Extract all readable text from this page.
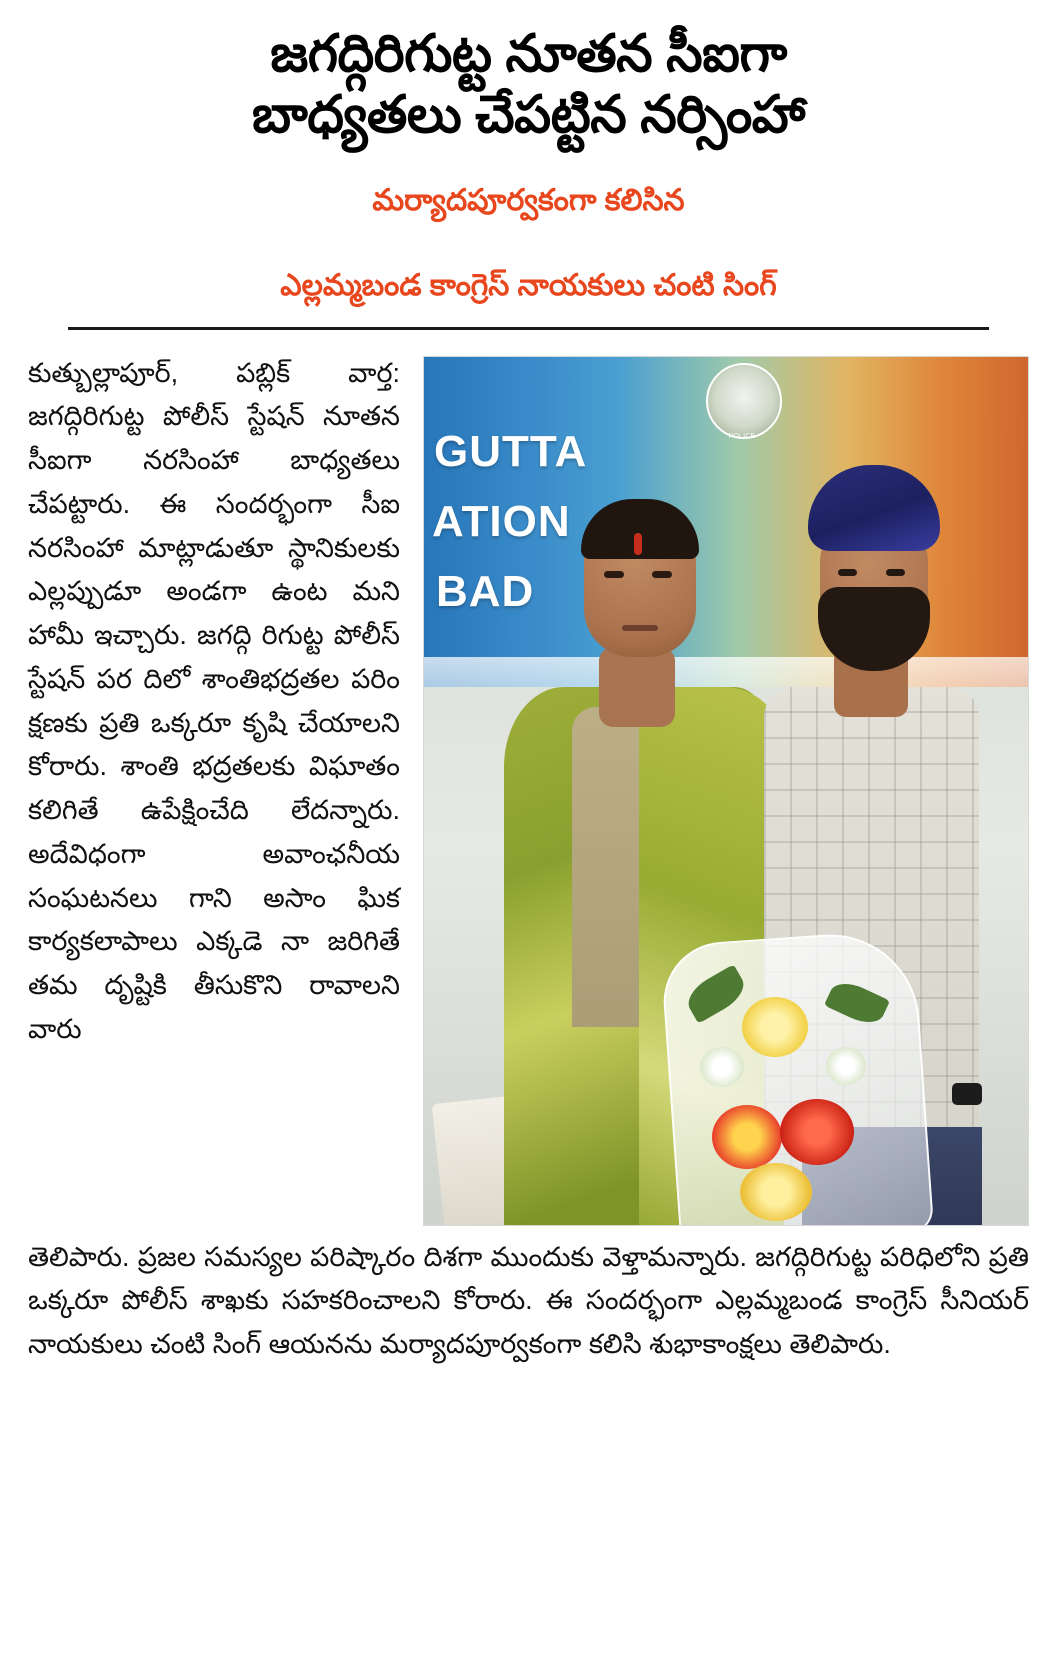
జగద్గిరిగుట్ట నూతన సీఐగా
బాధ్యతలు చేపట్టిన నర్సింహా
మర్యాదపూర్వకంగా కలిసిన
ఎల్లమ్మబండ కాంగ్రెస్ నాయకులు చంటి సింగ్
POLICE
GUTTA
ATION
BAD
కుత్బుల్లాపూర్, పబ్లిక్ వార్త: జగద్గిరిగుట్ట పోలీస్ స్టేషన్ నూతన సీఐగా నరసింహా బాధ్యతలు చేపట్టారు. ఈ సందర్భంగా సీఐ నరసింహా మాట్లాడుతూ స్థానికులకు ఎల్లప్పుడూ అండగా ఉంట మని హామీ ఇచ్చారు. జగద్గి రిగుట్ట పోలీస్ స్టేషన్ పర దిలో శాంతిభద్రతల పరిం క్షణకు ప్రతి ఒక్కరూ కృషి చేయాలని కోరారు. శాంతి భద్రతలకు విఘాతం కలిగితే ఉపేక్షించేది లేదన్నారు. అదేవిధంగా అవాంఛనీయ సంఘటనలు గాని అసాం ఘిక కార్యకలాపాలు ఎక్కడె నా జరిగితే తమ దృష్టికి తీసుకొని రావాలని వారు
తెలిపారు. ప్రజల సమస్యల పరిష్కారం దిశగా ముందుకు వెళ్తామన్నారు. జగద్గిరిగుట్ట పరిధిలోని ప్రతి ఒక్కరూ పోలీస్ శాఖకు సహకరించాలని కోరారు. ఈ సందర్భంగా ఎల్లమ్మబండ కాంగ్రెస్ సీనియర్ నాయకులు చంటి సింగ్ ఆయనను మర్యాదపూర్వకంగా కలిసి శుభాకాంక్షలు తెలిపారు.
